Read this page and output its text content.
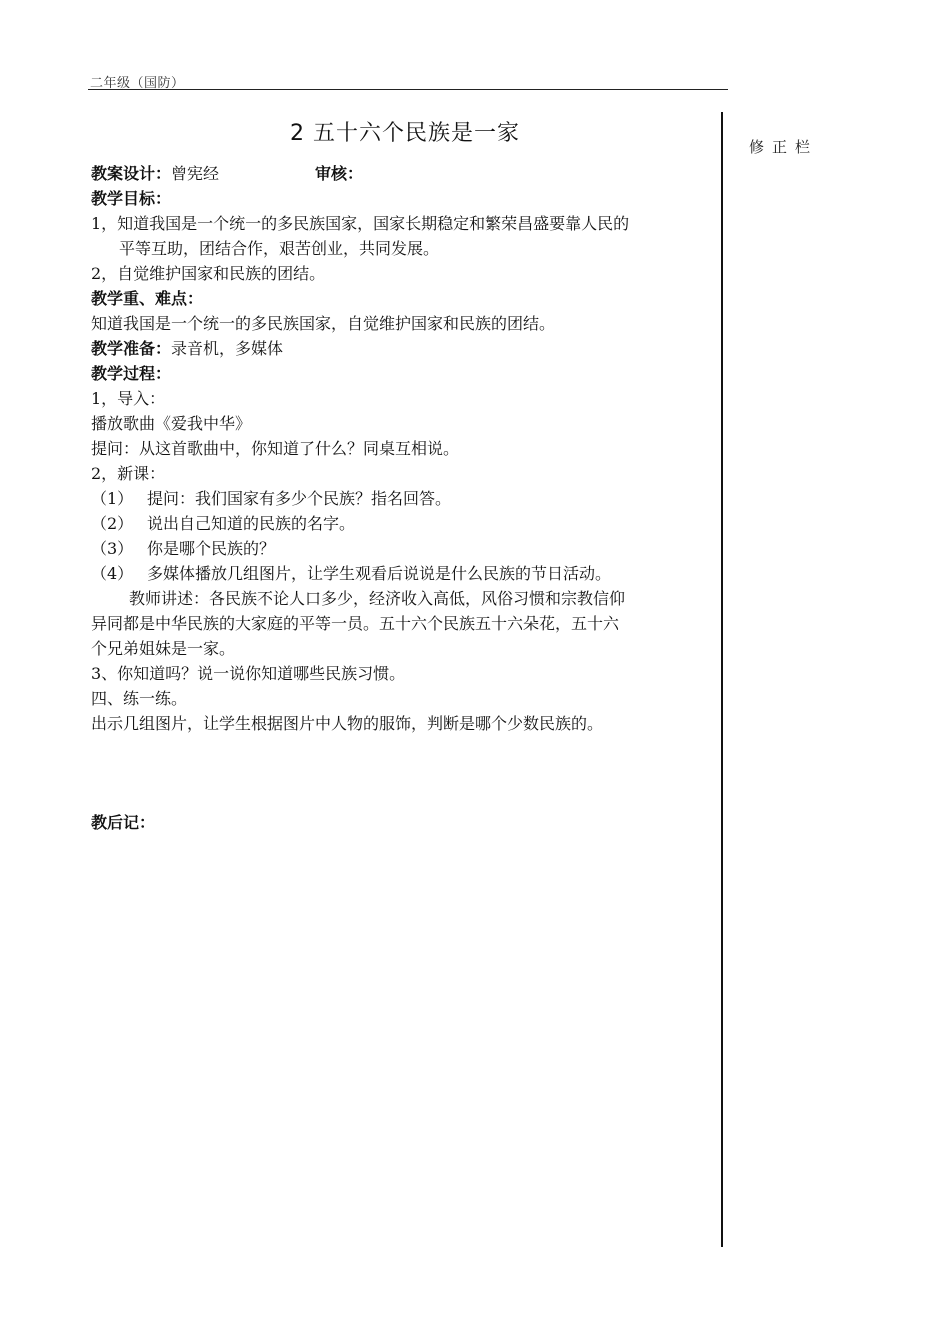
二年级（国防）
修正栏
2 五十六个民族是一家
教案设计：曾宪经	审核：
教学目标：
1，知道我国是一个统一的多民族国家，国家长期稳定和繁荣昌盛要靠人民的
平等互助，团结合作，艰苦创业，共同发展。
2，自觉维护国家和民族的团结。
教学重、难点：
知道我国是一个统一的多民族国家，自觉维护国家和民族的团结。
教学准备：录音机，多媒体
教学过程：
1，导入：
播放歌曲《爱我中华》
提问：从这首歌曲中，你知道了什么？同桌互相说。
2，新课：
（1） 提问：我们国家有多少个民族？指名回答。
（2） 说出自己知道的民族的名字。
（3） 你是哪个民族的？
（4） 多媒体播放几组图片，让学生观看后说说是什么民族的节日活动。
教师讲述：各民族不论人口多少，经济收入高低，风俗习惯和宗教信仰
异同都是中华民族的大家庭的平等一员。五十六个民族五十六朵花，五十六
个兄弟姐妹是一家。
3、你知道吗？说一说你知道哪些民族习惯。
四、练一练。
出示几组图片，让学生根据图片中人物的服饰，判断是哪个少数民族的。
教后记：
